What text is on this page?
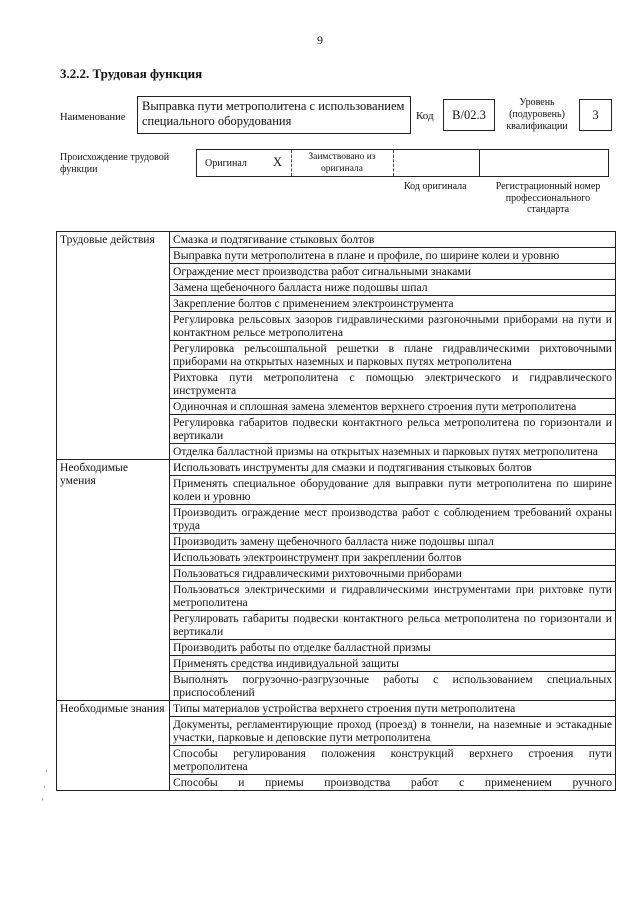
9
3.2.2. Трудовая функция
Наименование
Выправка пути метрополитена с использованием специального оборудования	Код	В/02.3
Уровень (подуровень) квалификации
3
Происхождение трудовой функции
Оригинал Х	Заимствовано из оригинала
Код оригинала	Регистрационный номер профессионального стандарта
·
·
'
Трудовые действия	Смазка и подтягивание стыковых болтов
	Выправка пути метрополитена в плане и профиле, по ширине колеи и уровню
	Ограждение мест производства работ сигнальными знаками
	Замена щебеночного балласта ниже подошвы шпал
	Закрепление болтов с применением электроинструмента
	Регулировка рельсовых зазоров гидравлическими разгоночными приборами на пути и контактном рельсе метрополитена
	Регулировка рельсошпальной решетки в плане гидравлическими рихтовочными приборами на открытых наземных и парковых путях метрополитена
	Рихтовка пути метрополитена с помощью электрического и гидравлического инструмента
	Одиночная и сплошная замена элементов верхнего строения пути метрополитена
	Регулировка габаритов подвески контактного рельса метрополитена по горизонтали и вертикали
	Отделка балластной призмы на открытых наземных и парковых путях метрополитена
Необходимые умения	Использовать инструменты для смазки и подтягивания стыковых болтов
	Применять специальное оборудование для выправки пути метрополитена по ширине колеи и уровню
	Производить ограждение мест производства работ с соблюдением требований охраны труда
	Производить замену щебеночного балласта ниже подошвы шпал
	Использовать электроинструмент при закреплении болтов
	Пользоваться гидравлическими рихтовочными приборами
	Пользоваться электрическими и гидравлическими инструментами при рихтовке пути метрополитена
	Регулировать габариты подвески контактного рельса метрополитена по горизонтали и вертикали
	Производить работы по отделке балластной призмы
	Применять средства индивидуальной защиты
	Выполнять погрузочно-разгрузочные работы с использованием специальных приспособлений
Необходимые знания	Типы материалов устройства верхнего строения пути метрополитена
	Документы, регламентирующие проход (проезд) в тоннели, на наземные и эстакадные участки, парковые и деповские пути метрополитена
	Способы регулирования положения конструкций верхнего строения пути метрополитена
	Способы и приемы производства работ с применением ручного
